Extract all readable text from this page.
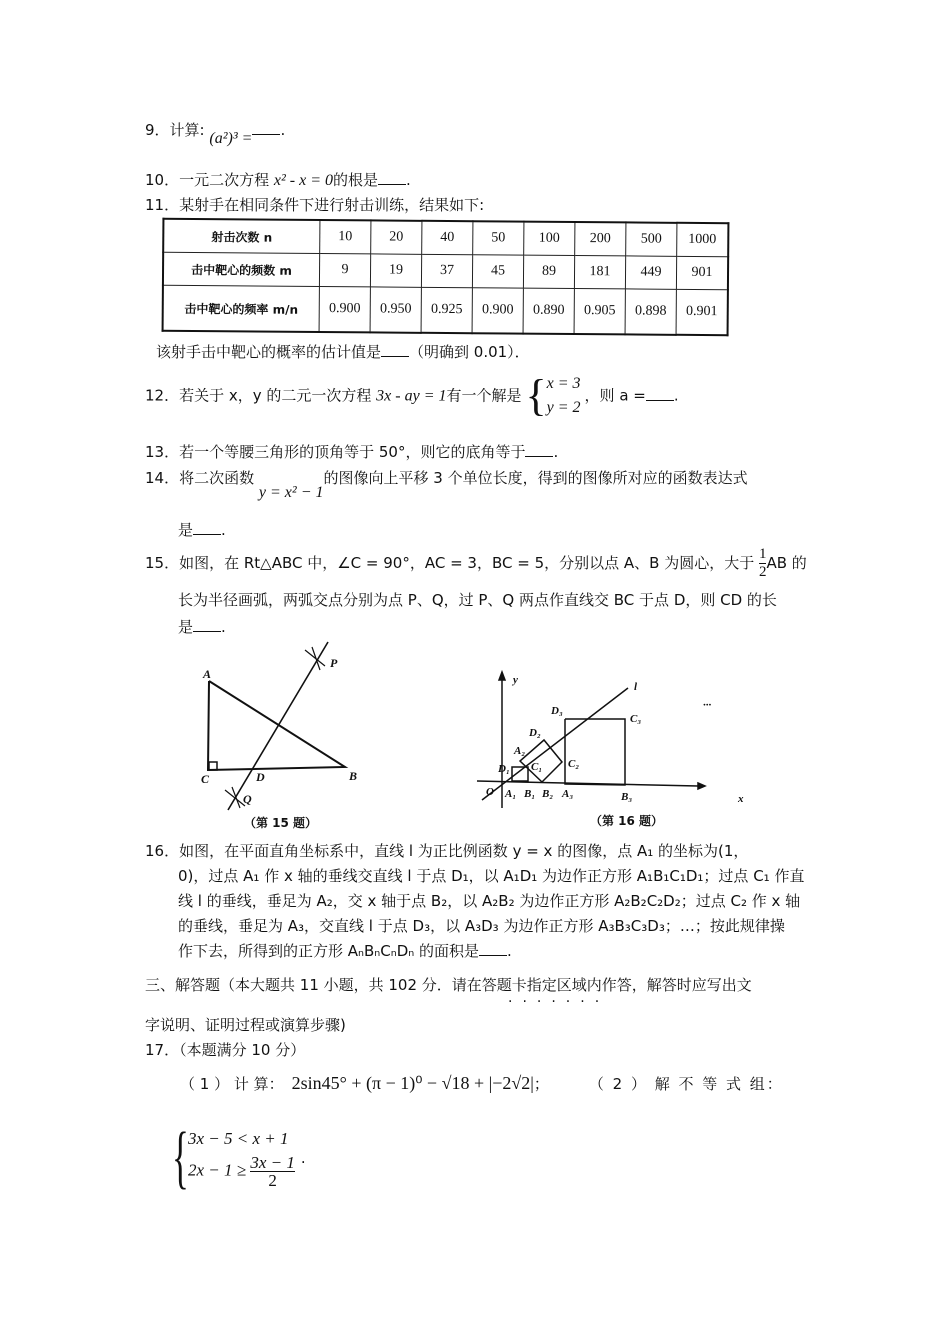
9．计算: (a²)³ = .
10．一元二次方程 x² - x = 0的根是 .
11．某射手在相同条件下进行射击训练，结果如下:
射击次数 n	10	20	40	50	100	200	500	1000
击中靶心的频数 m	9	19	37	45	89	181	449	901
击中靶心的频率 m/n	0.900	0.950	0.925	0.900	0.890	0.905	0.898	0.901
该射手击中靶心的概率的估计值是 （明确到 0.01）．
12．若关于 x，y 的二元一次方程 3x - ay = 1有一个解是 { x = 3
y = 2
，则 a = .
13．若一个等腰三角形的顶角等于 50°，则它的底角等于 .
14．将二次函数 y = x² − 1的图像向上平移 3 个单位长度，得到的图像所对应的函数表达式
是 .
15．如图，在 Rt△ABC 中，∠C = 90°，AC = 3，BC = 5，分别以点 A、B 为圆心，大于 $\frac{1}{2}$ AB 的
长为半径画弧，两弧交点分别为点 P、Q，过 P、Q 两点作直线交 BC 于点 D，则 CD 的长
是 .
A
C	D	B
P
Q
y
x
O
l
A₁ B₁
D₁ C₁
A₂
B₂
C₂
D₂
A₃	B₃
C₃
D₃	···
（第 15 题）	（第 16 题）
16．如图，在平面直角坐标系中，直线 l 为正比例函数 y = x 的图像，点 A₁ 的坐标为(1，
0)，过点 A₁ 作 x 轴的垂线交直线 l 于点 D₁，以 A₁D₁ 为边作正方形 A₁B₁C₁D₁；过点 C₁ 作直
线 l 的垂线，垂足为 A₂，交 x 轴于点 B₂，以 A₂B₂ 为边作正方形 A₂B₂C₂D₂；过点 C₂ 作 x 轴
的垂线，垂足为 A₃，交直线 l 于点 D₃，以 A₃D₃ 为边作正方形 A₃B₃C₃D₃；…；按此规律操
作下去，所得到的正方形 AₙBₙCₙDₙ 的面积是 .
三、解答题（本大题共 11 小题，共 102 分．请在答题卡指定区域内作答，解答时应写出文
·······
字说明、证明过程或演算步骤)
17．（本题满分 10 分）
（ 1 ） 计 算： 2sin45° + (π − 1)⁰ − √18 + |−2√2| ；	（ 2 ） 解 不 等 式 组：
{ 3x − 5 < x + 1
$2x - 1 \ge \frac{3x - 1}{2}$ .
